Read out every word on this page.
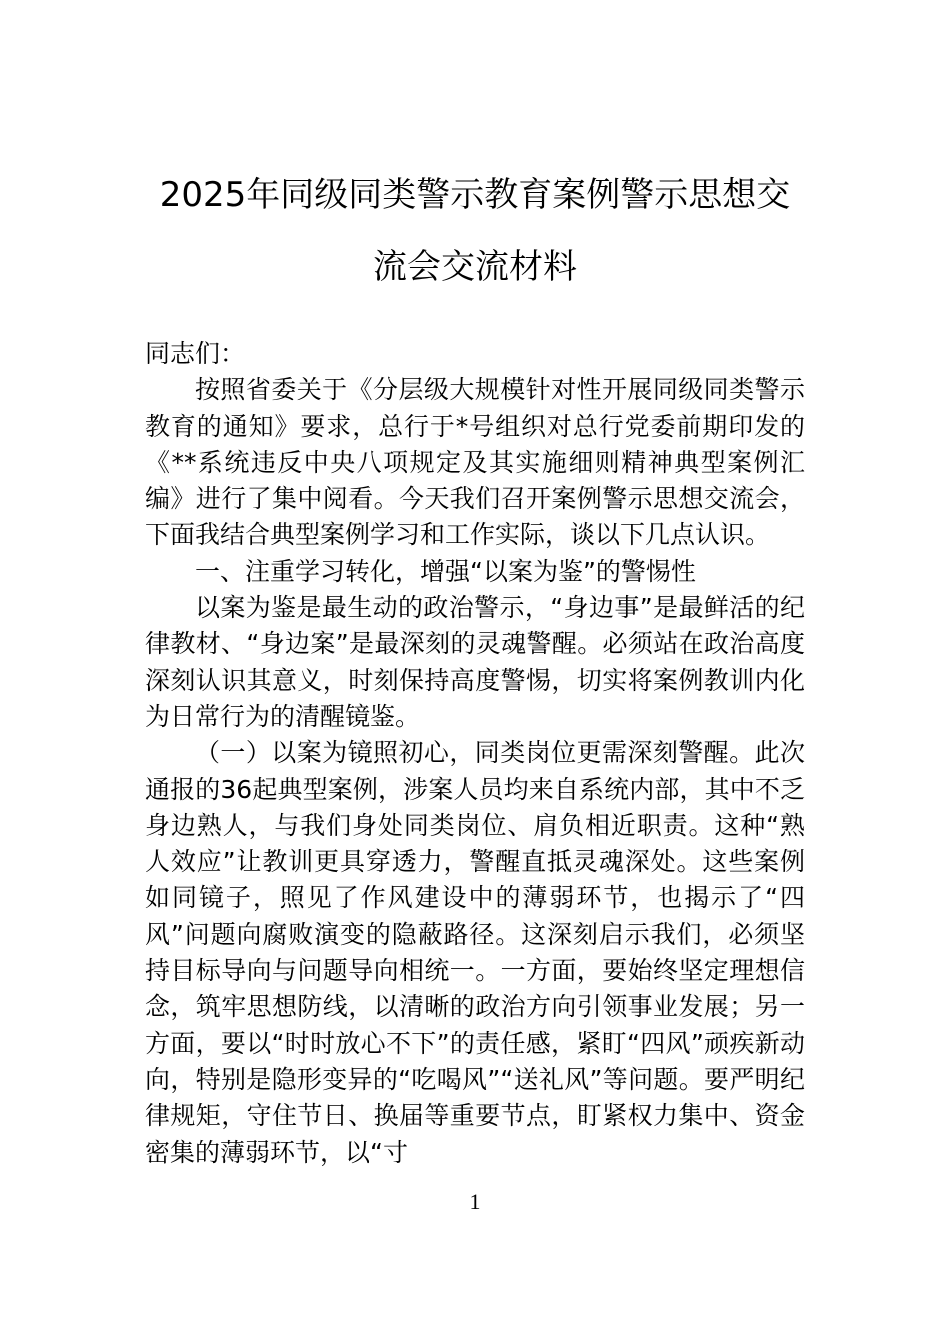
2025年同级同类警示教育案例警示思想交
流会交流材料

同志们：

按照省委关于《分层级大规模针对性开展同级同类警示教育的通知》要求，总行于*号组织对总行党委前期印发的《**系统违反中央八项规定及其实施细则精神典型案例汇编》进行了集中阅看。今天我们召开案例警示思想交流会，下面我结合典型案例学习和工作实际，谈以下几点认识。

一、注重学习转化，增强“以案为鉴”的警惕性

以案为鉴是最生动的政治警示，“身边事”是最鲜活的纪律教材、“身边案”是最深刻的灵魂警醒。必须站在政治高度深刻认识其意义，时刻保持高度警惕，切实将案例教训内化为日常行为的清醒镜鉴。

（一）以案为镜照初心，同类岗位更需深刻警醒。此次通报的36起典型案例，涉案人员均来自系统内部，其中不乏身边熟人，与我们身处同类岗位、肩负相近职责。这种“熟人效应”让教训更具穿透力，警醒直抵灵魂深处。这些案例如同镜子，照见了作风建设中的薄弱环节，也揭示了“四风”问题向腐败演变的隐蔽路径。这深刻启示我们，必须坚持目标导向与问题导向相统一。一方面，要始终坚定理想信念，筑牢思想防线，以清晰的政治方向引领事业发展；另一方面，要以“时时放心不下”的责任感，紧盯“四风”顽疾新动向，特别是隐形变异的“吃喝风”“送礼风”等问题。要严明纪律规矩，守住节日、换届等重要节点，盯紧权力集中、资金密集的薄弱环节，以“寸

1
